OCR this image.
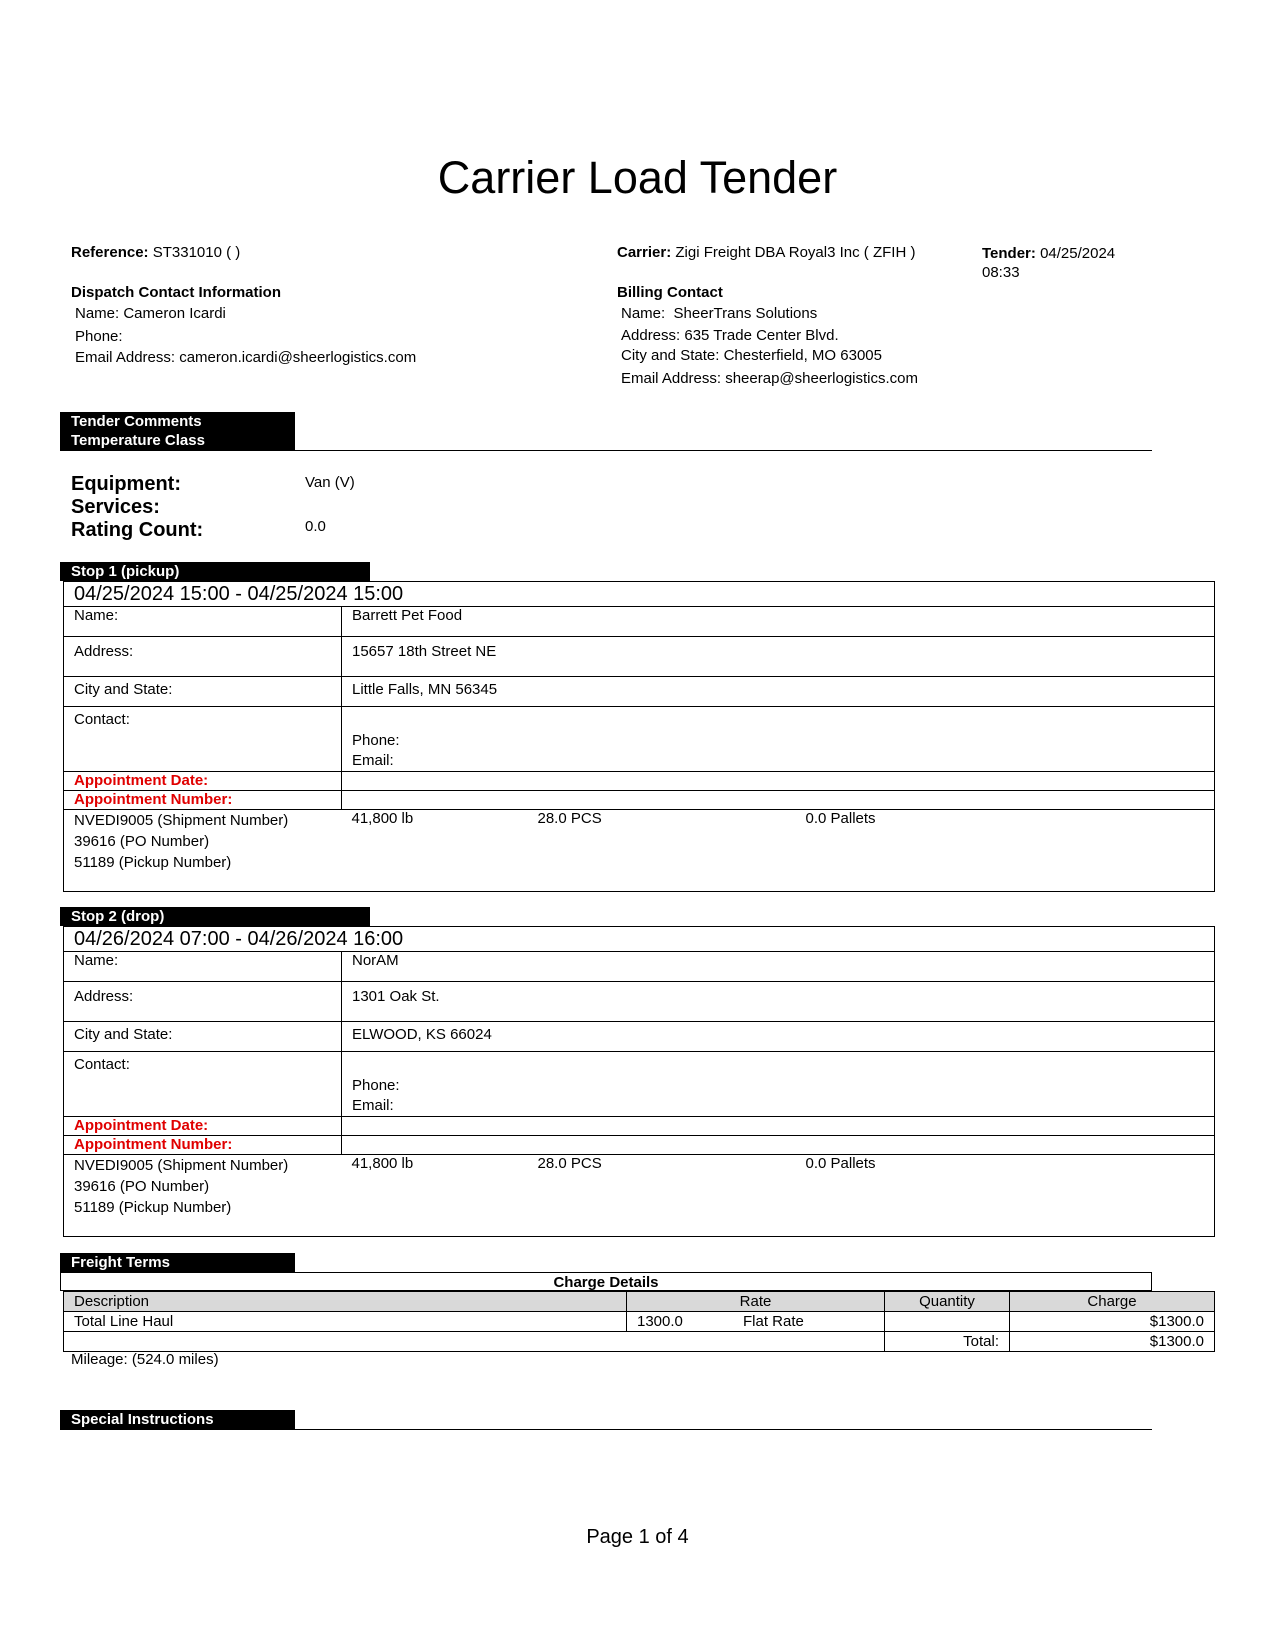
Carrier Load Tender
Reference: ST331010 ( )	Carrier: Zigi Freight DBA Royal3 Inc ( ZFIH )	Tender: 04/25/2024
08:33
Dispatch Contact Information
Name: Cameron Icardi
Phone:
Email Address: cameron.icardi@sheerlogistics.com
Billing Contact
Name: SheerTrans Solutions
Address: 635 Trade Center Blvd.
City and State: Chesterfield, MO 63005
Email Address: sheerap@sheerlogistics.com
Tender Comments
Temperature Class
Equipment:	Van (V)
Services:
Rating Count:	0.0
Stop 1 (pickup)
04/25/2024 15:00 - 04/25/2024 15:00			
Name:	Barrett Pet Food		
Address:	15657 18th Street NE		
City and State:	Little Falls, MN 56345		
Contact:	Phone:
Email:		

Appointment Date:			
Appointment Number:			

NVEDI9005 (Shipment Number)
39616 (PO Number)
51189 (Pickup Number)	41,800 lb	28.0 PCS	0.0 Pallets
Stop 2 (drop)
04/26/2024 07:00 - 04/26/2024 16:00			
Name:	NorAM		
Address:	1301 Oak St.		
City and State:	ELWOOD, KS 66024		
Contact:	Phone:
Email:		

Appointment Date:			
Appointment Number:			

NVEDI9005 (Shipment Number)
39616 (PO Number)
51189 (Pickup Number)	41,800 lb	28.0 PCS	0.0 Pallets
Freight Terms
Charge Details
Description	Rate	Quantity	Charge
Total Line Haul	1300.0 Flat Rate		$1300.0
		Total:	$1300.0
Mileage: (524.0 miles)
Special Instructions
Page 1 of 4
